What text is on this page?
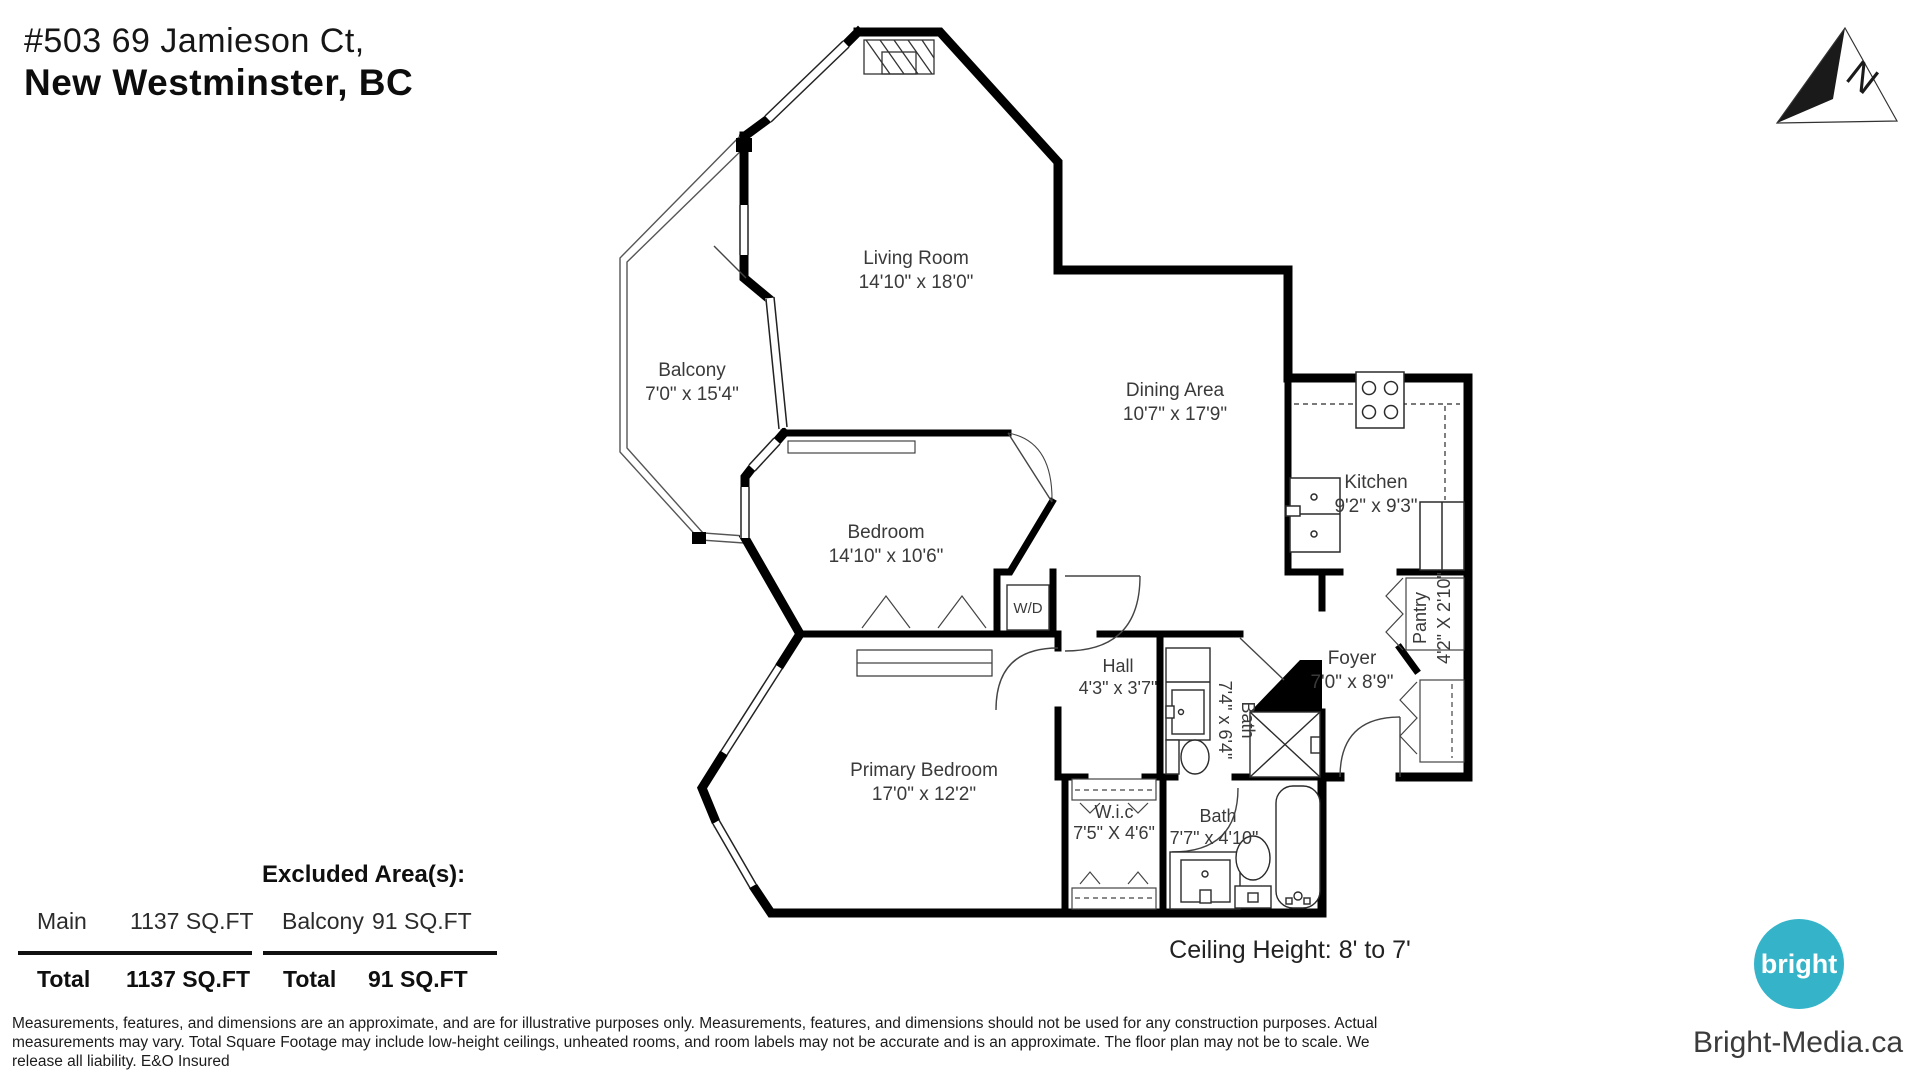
#503 69 Jamieson Ct,
New Westminster, BC
W/D
Living Room
14'10" x 18'0"
Balcony
7'0" x 15'4"	Dining Area
10'7" x 17'9"
Kitchen
9'2" x 9'3"
Bedroom
14'10" x 10'6"
Hall
4'3" x 3'7"
Bath
7'4" x 6'4"
Foyer
7'0" x 8'9"
Pantry 4'2" X 2'10"
Primary Bedroom
17'0" x 12'2"
W.i.c
7'5" X 4'6"
Bath
7'7" x 4'10"
N
Main 1137 SQ.FT
Excluded Area(s):
Balcony 91 SQ.FT
Total 1137 SQ.FT Total 91 SQ.FT
Ceiling Height: 8' to 7'
Measurements, features, and dimensions are an approximate, and are for illustrative purposes only. Measurements, features, and dimensions should not be used for any construction purposes. Actual
measurements may vary. Total Square Footage may include low-height ceilings, unheated rooms, and room labels may not be accurate and is an approximate. The floor plan may not be to scale. We
release all liability. E&O Insured
bright
Bright-Media.ca
